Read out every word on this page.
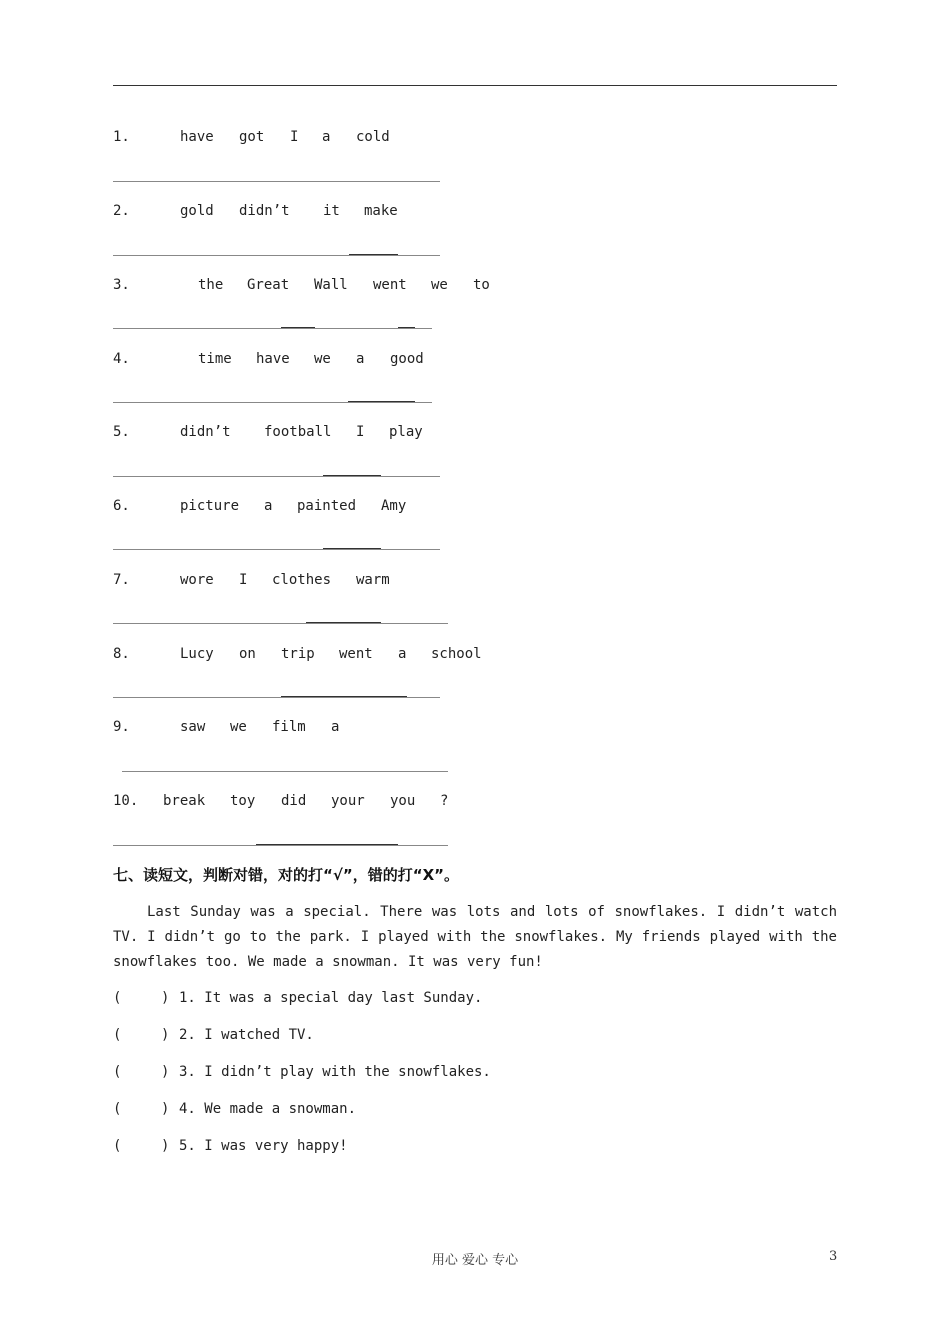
1.	have got I a cold
2.	gold didn’t it make
3.	the Great Wall went we to
4.	time have we a good
5.	didn’t football I play
6.	picture a painted Amy
7.	wore I clothes warm
8.	Lucy on trip went a school
9.	saw we film a
10. break toy did your you ?
七、读短文，判断对错，对的打“√”，错的打“X”。
Last Sunday was a special. There was lots and lots of snowflakes. I didn’t watch TV. I didn’t go to the park. I played with the snowflakes. My friends played with the snowflakes too. We made a snowman. It was very fun!
(	) 1. It was a special day last Sunday.
(	) 2. I watched TV.
(	) 3. I didn’t play with the snowflakes.
(	) 4. We made a snowman.
(	) 5. I was very happy!
用心 爱心 专心	3
